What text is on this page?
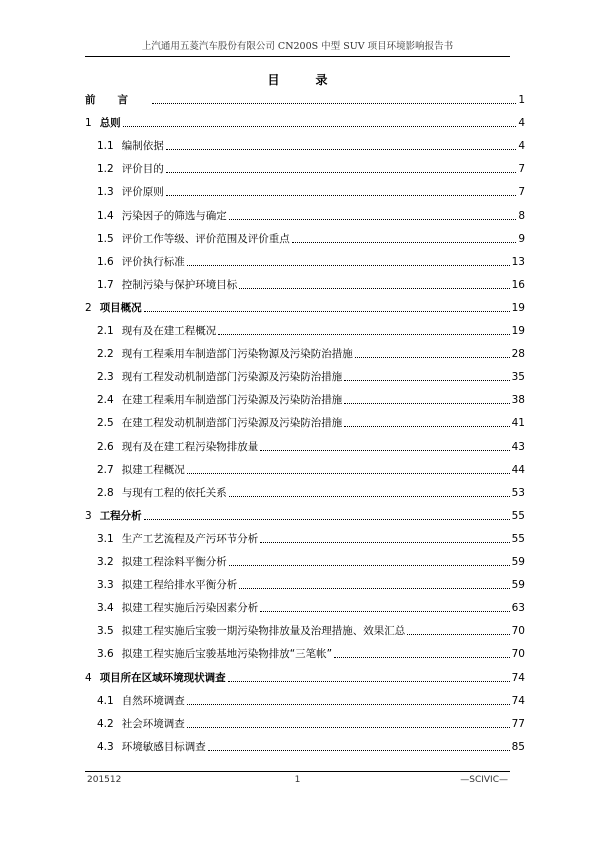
上汽通用五菱汽车股份有限公司 CN200S 中型 SUV 项目环境影响报告书
目录
前言	1
1 总则	4
1.1 编制依据	4
1.2 评价目的	7
1.3 评价原则	7
1.4 污染因子的筛选与确定	8
1.5 评价工作等级、评价范围及评价重点	9
1.6 评价执行标准	13
1.7 控制污染与保护环境目标	16
2 项目概况	19
2.1 现有及在建工程概况	19
2.2 现有工程乘用车制造部门污染物源及污染防治措施	28
2.3 现有工程发动机制造部门污染源及污染防治措施	35
2.4 在建工程乘用车制造部门污染源及污染防治措施	38
2.5 在建工程发动机制造部门污染源及污染防治措施	41
2.6 现有及在建工程污染物排放量	43
2.7 拟建工程概况	44
2.8 与现有工程的依托关系	53
3 工程分析	55
3.1 生产工艺流程及产污环节分析	55
3.2 拟建工程涂料平衡分析	59
3.3 拟建工程给排水平衡分析	59
3.4 拟建工程实施后污染因素分析	63
3.5 拟建工程实施后宝骏一期污染物排放量及治理措施、效果汇总	70
3.6 拟建工程实施后宝骏基地污染物排放“三笔帐”	70
4 项目所在区域环境现状调查	74
4.1 自然环境调查	74
4.2 社会环境调查	77
4.3 环境敏感目标调查	85
201512	1	—SCIVIC—
